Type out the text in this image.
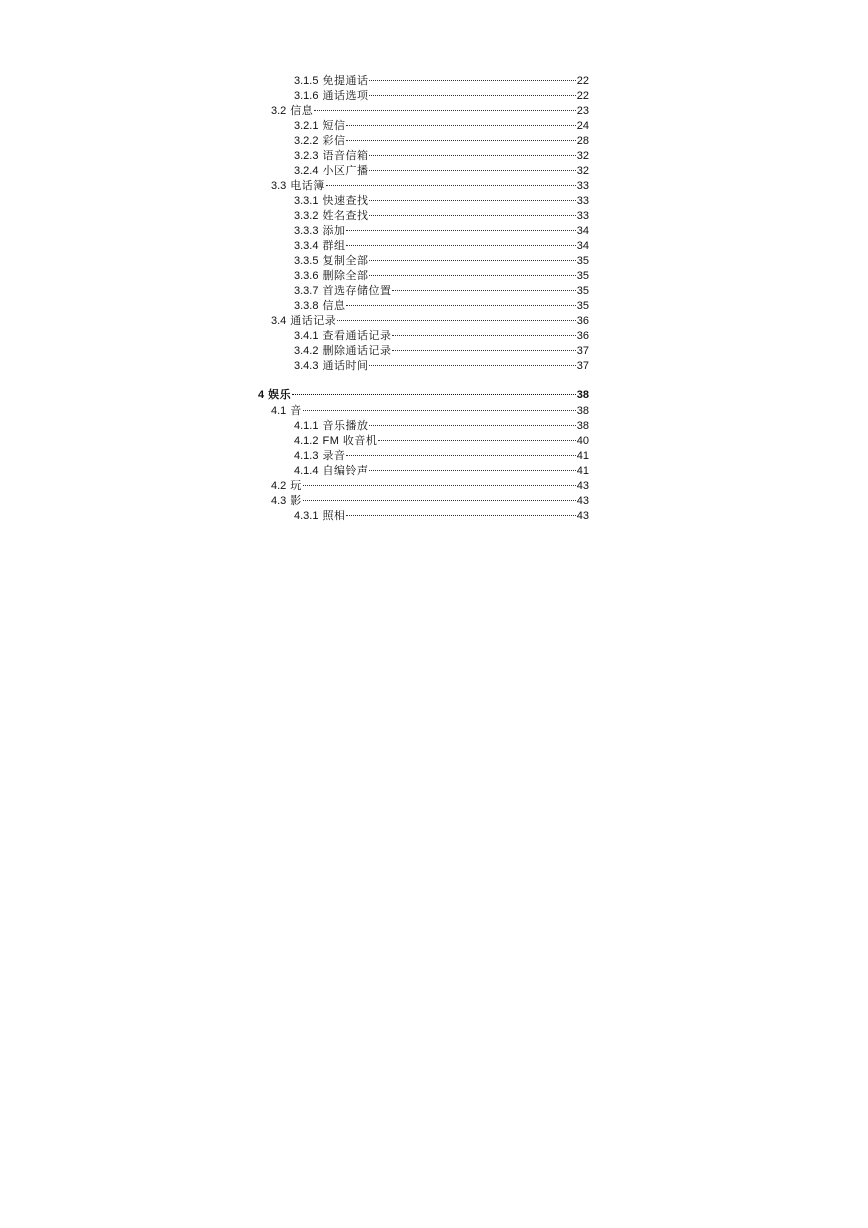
3.1.5 免提通话	22
3.1.6 通话选项	22
3.2 信息	23
3.2.1 短信	24
3.2.2 彩信	28
3.2.3 语音信箱	32
3.2.4 小区广播	32
3.3 电话簿	33
3.3.1 快速查找	33
3.3.2 姓名查找	33
3.3.3 添加	34
3.3.4 群组	34
3.3.5 复制全部	35
3.3.6 删除全部	35
3.3.7 首选存储位置	35
3.3.8 信息	35
3.4 通话记录	36
3.4.1 查看通话记录	36
3.4.2 删除通话记录	37
3.4.3 通话时间	37
4 娱乐	38
4.1 音	38
4.1.1 音乐播放	38
4.1.2 FM 收音机	40
4.1.3 录音	41
4.1.4 自编铃声	41
4.2 玩	43
4.3 影	43
4.3.1 照相	43
